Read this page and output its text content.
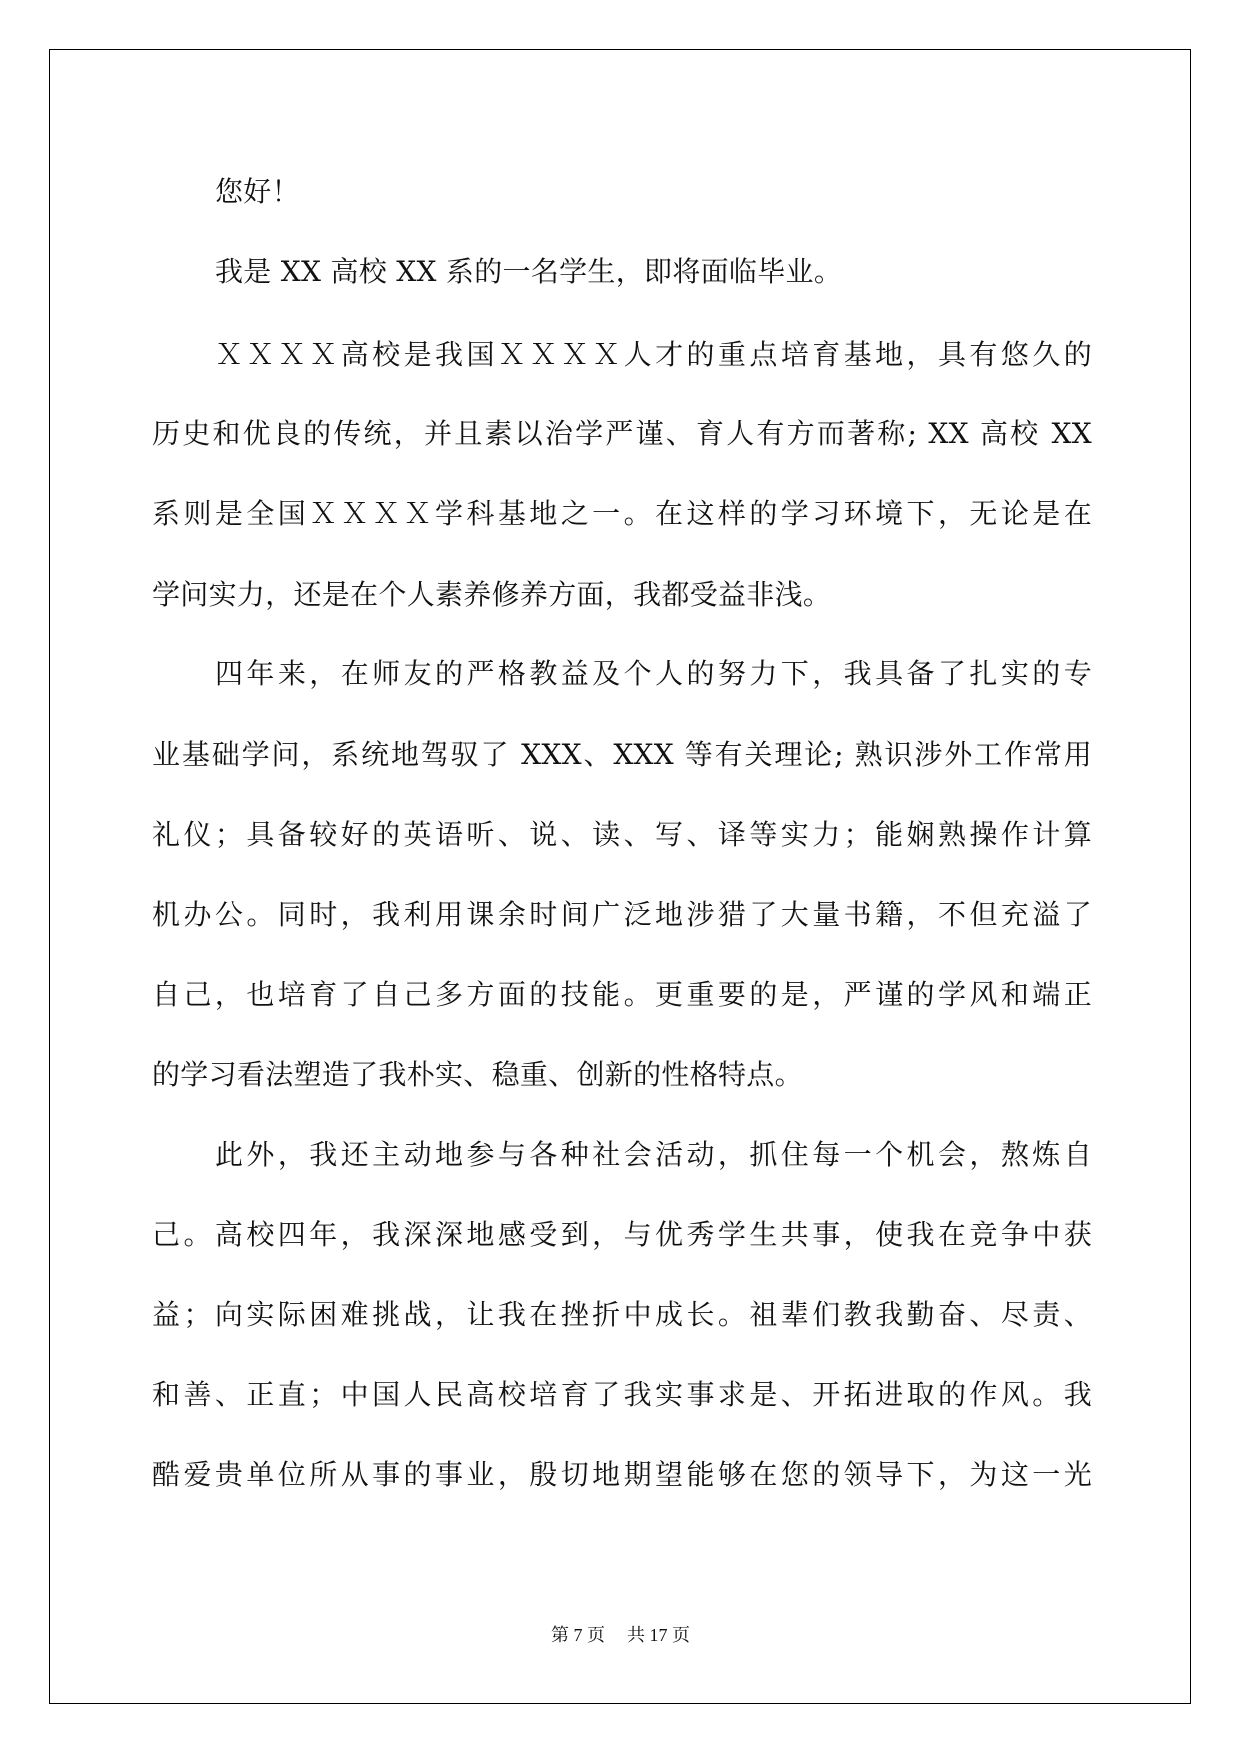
您好！
我是 XX 高校 XX 系的一名学生，即将面临毕业。
ＸＸＸＸ高校是我国ＸＸＸＸ人才的重点培育基地，具有悠久的
历史和优良的传统，并且素以治学严谨、育人有方而著称; XX 高校 XX
系则是全国ＸＸＸＸ学科基地之一。在这样的学习环境下，无论是在
学问实力，还是在个人素养修养方面，我都受益非浅。
四年来，在师友的严格教益及个人的努力下，我具备了扎实的专
业基础学问，系统地驾驭了 XXX、XXX 等有关理论; 熟识涉外工作常用
礼仪；具备较好的英语听、说、读、写、译等实力；能娴熟操作计算
机办公。同时，我利用课余时间广泛地涉猎了大量书籍，不但充溢了
自己，也培育了自己多方面的技能。更重要的是，严谨的学风和端正
的学习看法塑造了我朴实、稳重、创新的性格特点。
此外，我还主动地参与各种社会活动，抓住每一个机会，熬炼自
己。高校四年，我深深地感受到，与优秀学生共事，使我在竞争中获
益；向实际困难挑战，让我在挫折中成长。祖辈们教我勤奋、尽责、
和善、正直；中国人民高校培育了我实事求是、开拓进取的作风。我
酷爱贵单位所从事的事业，殷切地期望能够在您的领导下，为这一光
第 7 页 共 17 页
